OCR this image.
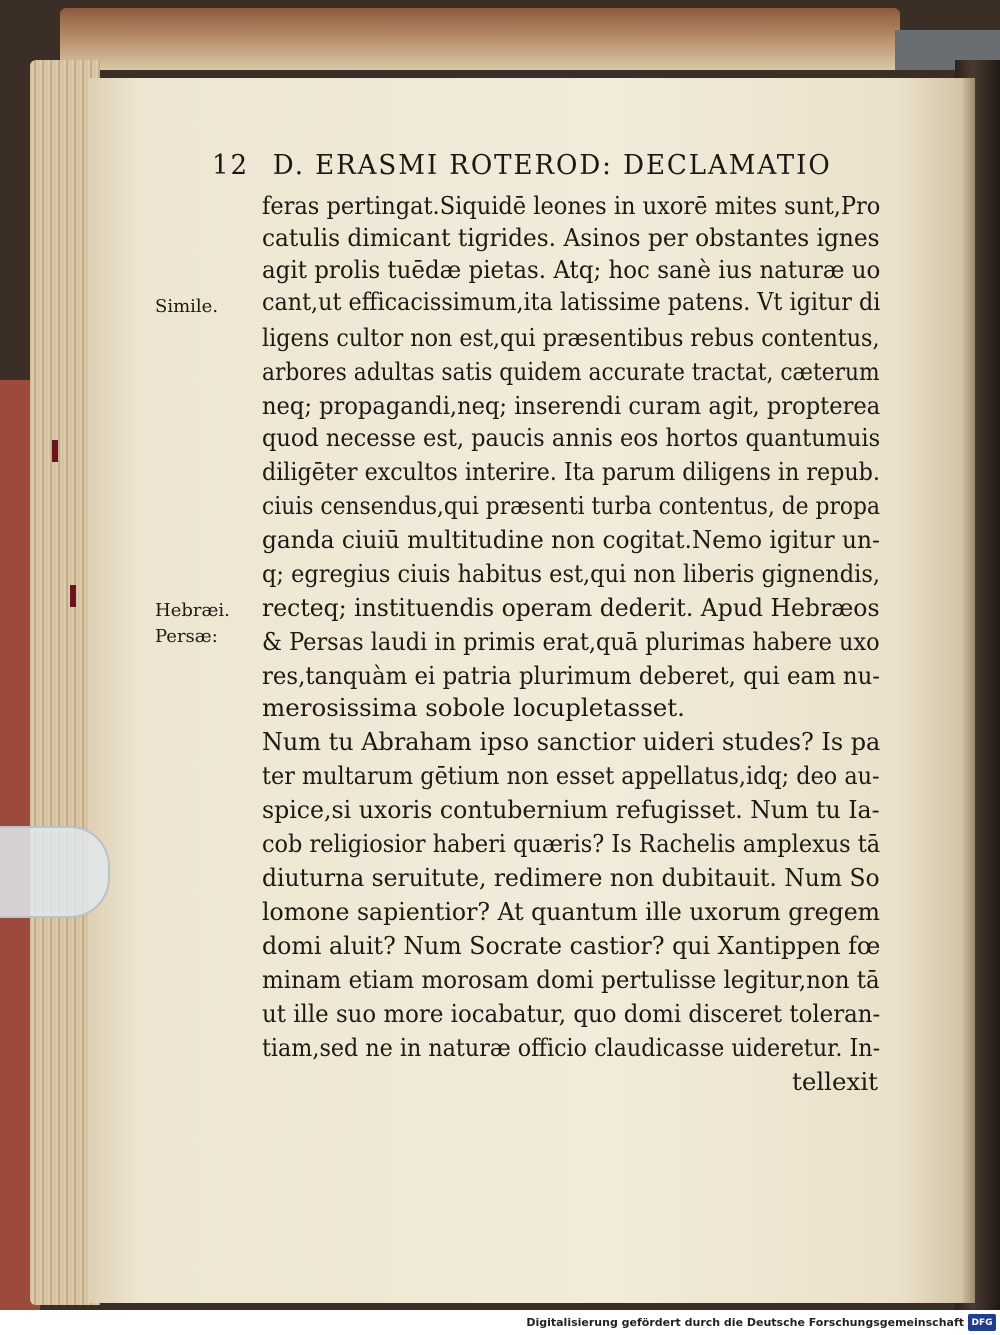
12 D. ERASMI ROTEROD: DECLAMATIO
Simile.
Hebræi.
Persæ:
feras pertingat.Siquidē leones in uxorē mites sunt,Pro
catulis dimicant tigrides. Asinos per obstantes ignes
agit prolis tuēdæ pietas. Atq; hoc sanè ius naturæ uo
cant,ut efficacissimum,ita latissime patens. Vt igitur di
ligens cultor non est,qui præsentibus rebus contentus,
arbores adultas satis quidem accurate tractat, cæterum
neq; propagandi,neq; inserendi curam agit, propterea
quod necesse est, paucis annis eos hortos quantumuis
diligēter excultos interire. Ita parum diligens in repub.
ciuis censendus,qui præsenti turba contentus, de propa
ganda ciuiū multitudine non cogitat.Nemo igitur un-
q; egregius ciuis habitus est,qui non liberis gignendis,
recteq; instituendis operam dederit. Apud Hebræos
& Persas laudi in primis erat,quā plurimas habere uxo
res,tanquàm ei patria plurimum deberet, qui eam nu-
merosissima sobole locupletasset.
Num tu Abraham ipso sanctior uideri studes? Is pa
ter multarum gētium non esset appellatus,idq; deo au-
spice,si uxoris contubernium refugisset. Num tu Ia-
cob religiosior haberi quæris? Is Rachelis amplexus tā
diuturna seruitute, redimere non dubitauit. Num So
lomone sapientior? At quantum ille uxorum gregem
domi aluit? Num Socrate castior? qui Xantippen fœ
minam etiam morosam domi pertulisse legitur,non tā
ut ille suo more iocabatur, quo domi disceret toleran-
tiam,sed ne in naturæ officio claudicasse uideretur. In-
tellexit
Digitalisierung gefördert durch die Deutsche Forschungsgemeinschaft DFG
